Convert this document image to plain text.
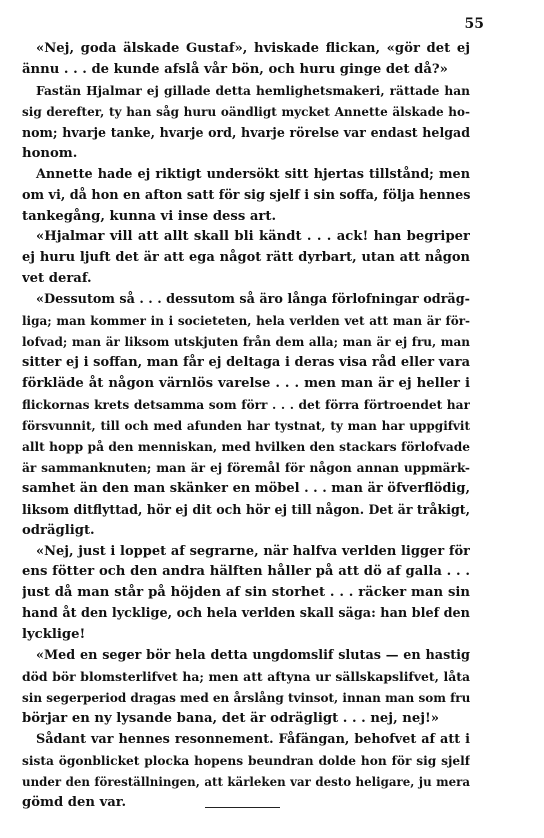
55

«Nej, goda älskade Gustaf», hviskade flickan, «gör det ej
ännu . . . de kunde afslå vår bön, och huru ginge det då?»
Fastän Hjalmar ej gillade detta hemlighetsmakeri, rättade han
sig derefter, ty han såg huru oändligt mycket Annette älskade ho-
nom; hvarje tanke, hvarje ord, hvarje rörelse var endast helgad
honom.
Annette hade ej riktigt undersökt sitt hjertas tillstånd; men
om vi, då hon en afton satt för sig sjelf i sin soffa, följa hennes
tankegång, kunna vi inse dess art.
«Hjalmar vill att allt skall bli kändt . . . ack! han begriper
ej huru ljuft det är att ega något rätt dyrbart, utan att någon
vet deraf.
«Dessutom så . . . dessutom så äro långa förlofningar odräg-
liga; man kommer in i societeten, hela verlden vet att man är för-
lofvad; man är liksom utskjuten från dem alla; man är ej fru, man
sitter ej i soffan, man får ej deltaga i deras visa råd eller vara
förkläde åt någon värnlös varelse . . . men man är ej heller i
flickornas krets detsamma som förr . . . det förra förtroendet har
försvunnit, till och med afunden har tystnat, ty man har uppgifvit
allt hopp på den menniskan, med hvilken den stackars förlofvade
är sammanknuten; man är ej föremål för någon annan uppmärk-
samhet än den man skänker en möbel . . . man är öfverflödig,
liksom ditflyttad, hör ej dit och hör ej till någon. Det är tråkigt,
odrägligt.
«Nej, just i loppet af segrarne, när halfva verlden ligger för
ens fötter och den andra hälften håller på att dö af galla . . .
just då man står på höjden af sin storhet . . . räcker man sin
hand åt den lycklige, och hela verlden skall säga: han blef den
lycklige!
«Med en seger bör hela detta ungdomslif slutas — en hastig
död bör blomsterlifvet ha; men att aftyna ur sällskapslifvet, låta
sin segerperiod dragas med en årslång tvinsot, innan man som fru
börjar en ny lysande bana, det är odrägligt . . . nej, nej!»
Sådant var hennes resonnement. Fåfängan, behofvet af att i
sista ögonblicket plocka hopens beundran dolde hon för sig sjelf
under den föreställningen, att kärleken var desto heligare, ju mera
gömd den var.
